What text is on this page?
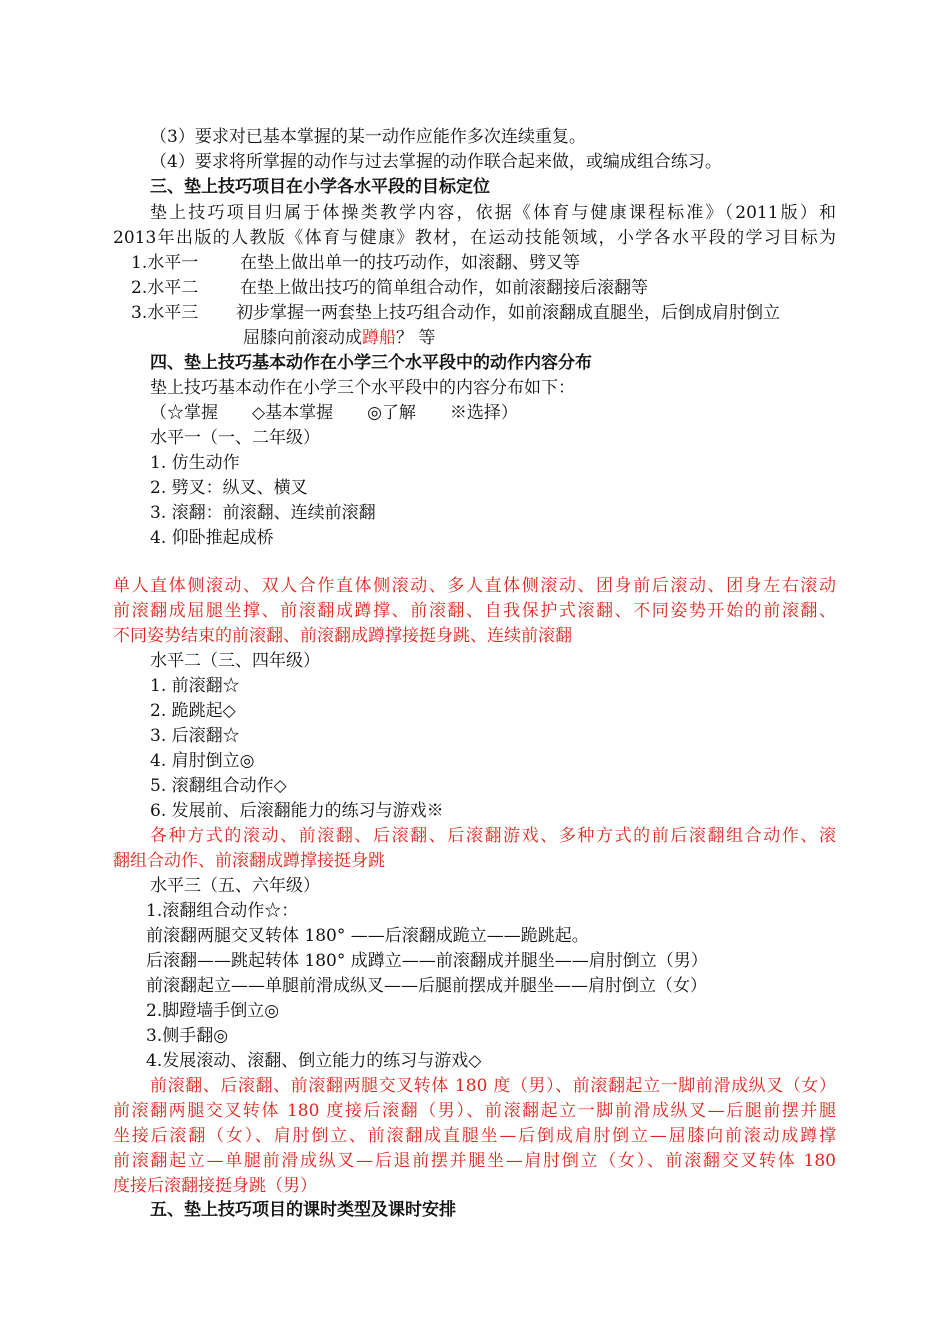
（3）要求对已基本掌握的某一动作应能作多次连续重复。
（4）要求将所掌握的动作与过去掌握的动作联合起来做，或编成组合练习。
三、垫上技巧项目在小学各水平段的目标定位
垫上技巧项目归属于体操类教学内容，依据《体育与健康课程标准》（2011版）和
2013年出版的人教版《体育与健康》教材，在运动技能领域，小学各水平段的学习目标为
1.水平一 在垫上做出单一的技巧动作，如滚翻、劈叉等
2.水平二 在垫上做出技巧的简单组合动作，如前滚翻接后滚翻等
3.水平三 初步掌握一两套垫上技巧组合动作，如前滚翻成直腿坐，后倒成肩肘倒立
屈膝向前滚动成蹲船？ 等
四、垫上技巧基本动作在小学三个水平段中的动作内容分布
垫上技巧基本动作在小学三个水平段中的内容分布如下：
（☆掌握　　◇基本掌握　　◎了解　　※选择）
水平一（一、二年级）
1. 仿生动作
2. 劈叉：纵叉、横叉
3. 滚翻：前滚翻、连续前滚翻
4. 仰卧推起成桥
单人直体侧滚动、双人合作直体侧滚动、多人直体侧滚动、团身前后滚动、团身左右滚动
前滚翻成屈腿坐撑、前滚翻成蹲撑、前滚翻、自我保护式滚翻、不同姿势开始的前滚翻、
不同姿势结束的前滚翻、前滚翻成蹲撑接挺身跳、连续前滚翻
水平二（三、四年级）
1. 前滚翻☆
2. 跪跳起◇
3. 后滚翻☆
4. 肩肘倒立◎
5. 滚翻组合动作◇
6. 发展前、后滚翻能力的练习与游戏※
各种方式的滚动、前滚翻、后滚翻、后滚翻游戏、多种方式的前后滚翻组合动作、滚
翻组合动作、前滚翻成蹲撑接挺身跳
水平三（五、六年级）
1.滚翻组合动作☆：
前滚翻两腿交叉转体 180° ——后滚翻成跪立——跪跳起。
后滚翻——跳起转体 180° 成蹲立——前滚翻成并腿坐——肩肘倒立（男）
前滚翻起立——单腿前滑成纵叉——后腿前摆成并腿坐——肩肘倒立（女）
2.脚蹬墙手倒立◎
3.侧手翻◎
4.发展滚动、滚翻、倒立能力的练习与游戏◇
前滚翻、后滚翻、前滚翻两腿交叉转体 180 度（男）、前滚翻起立一脚前滑成纵叉（女）
前滚翻两腿交叉转体 180 度接后滚翻（男）、前滚翻起立一脚前滑成纵叉—后腿前摆并腿
坐接后滚翻（女）、肩肘倒立、前滚翻成直腿坐—后倒成肩肘倒立—屈膝向前滚动成蹲撑
前滚翻起立—单腿前滑成纵叉—后退前摆并腿坐—肩肘倒立（女）、前滚翻交叉转体 180
度接后滚翻接挺身跳（男）
五、垫上技巧项目的课时类型及课时安排
